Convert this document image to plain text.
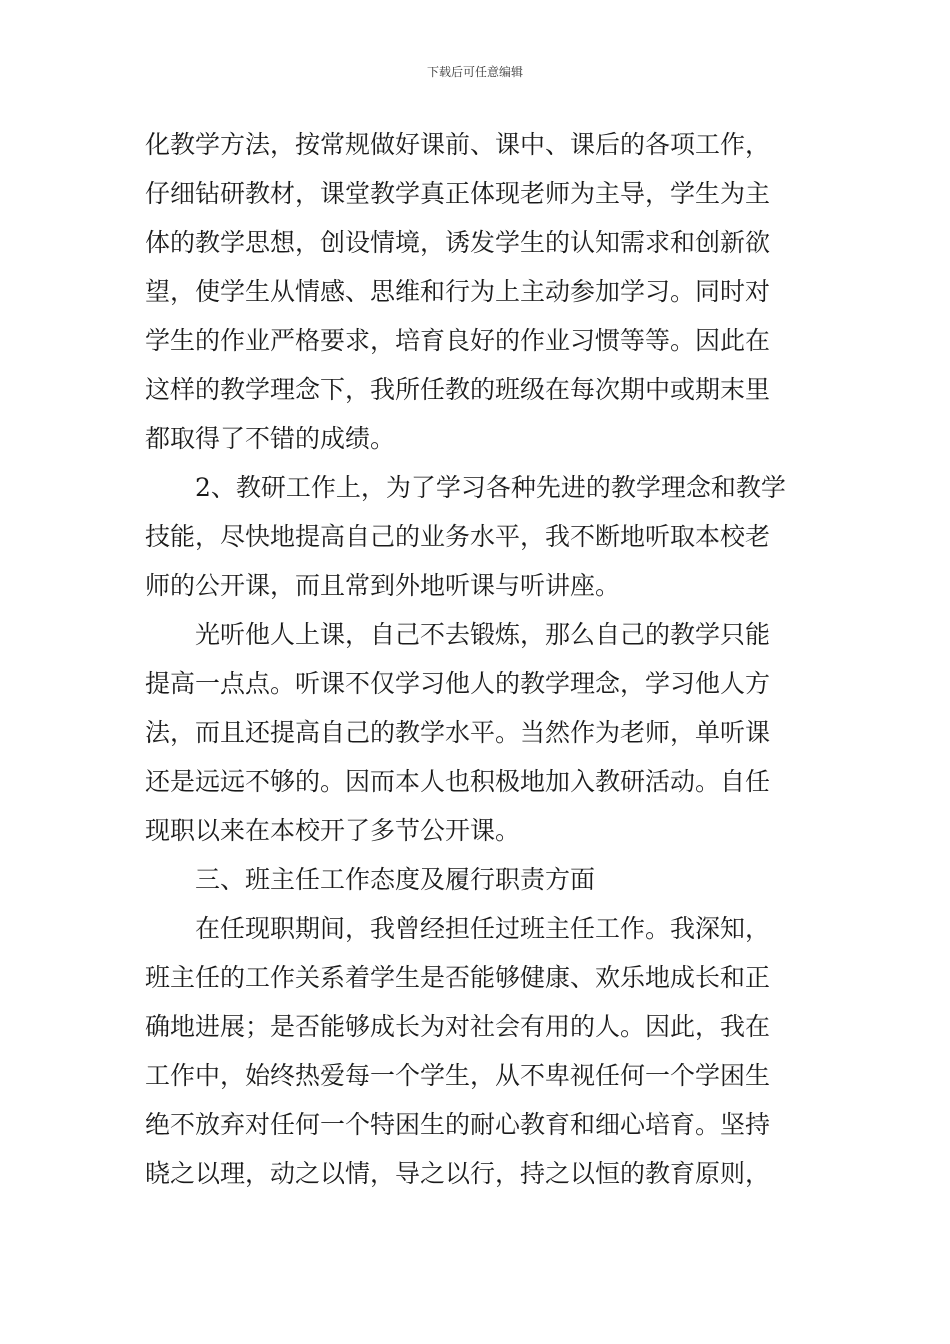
下载后可任意编辑
化教学方法，按常规做好课前、课中、课后的各项工作，
仔细钻研教材，课堂教学真正体现老师为主导，学生为主
体的教学思想，创设情境，诱发学生的认知需求和创新欲
望，使学生从情感、思维和行为上主动参加学习。同时对
学生的作业严格要求，培育良好的作业习惯等等。因此在
这样的教学理念下，我所任教的班级在每次期中或期末里
都取得了不错的成绩。
2、教研工作上，为了学习各种先进的教学理念和教学
技能，尽快地提高自己的业务水平，我不断地听取本校老
师的公开课，而且常到外地听课与听讲座。
光听他人上课，自己不去锻炼，那么自己的教学只能
提高一点点。听课不仅学习他人的教学理念，学习他人方
法，而且还提高自己的教学水平。当然作为老师，单听课
还是远远不够的。因而本人也积极地加入教研活动。自任
现职以来在本校开了多节公开课。
三、班主任工作态度及履行职责方面
在任现职期间，我曾经担任过班主任工作。我深知，
班主任的工作关系着学生是否能够健康、欢乐地成长和正
确地进展；是否能够成长为对社会有用的人。因此，我在
工作中，始终热爱每一个学生，从不卑视任何一个学困生
绝不放弃对任何一个特困生的耐心教育和细心培育。坚持
晓之以理，动之以情，导之以行，持之以恒的教育原则，
